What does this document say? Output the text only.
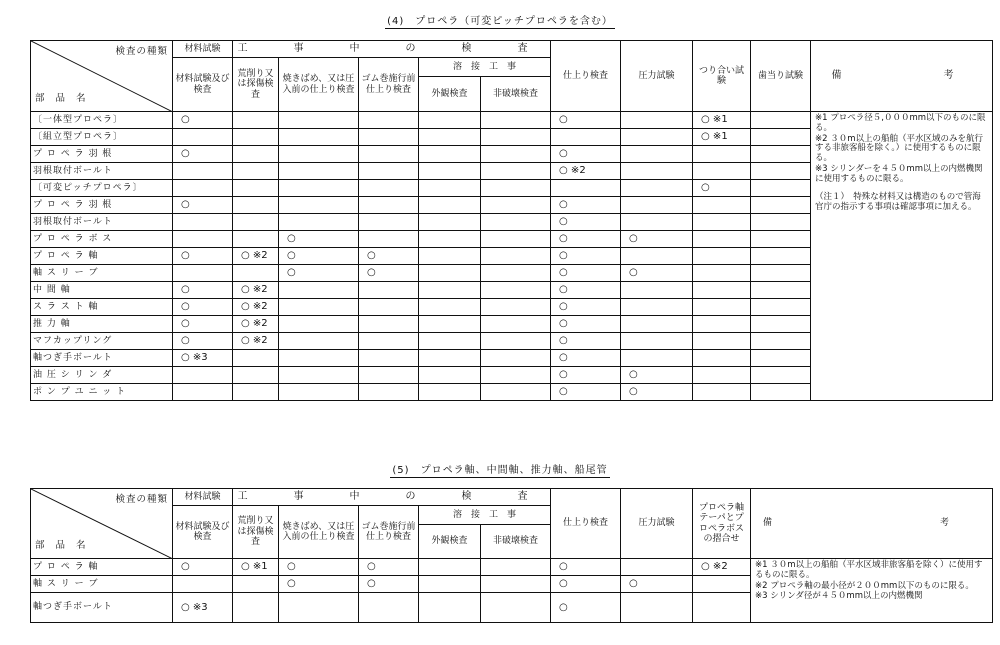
(4)　プロペラ（可変ピッチプロペラを含む）
検査の種類
部 品 名	材料試験	工　事　中　の　検　査					仕上り検査	圧力試験	つり合い試験	歯当り試験	備　　　考
	材料試験及び検査	荒削り又は探傷検査	焼きばめ、又は圧入前の仕上り検査	ゴム巻施行前仕上り検査	溶　接　工　事						
					外観検査	非破壊検査					
〔一体型プロペラ〕	○						○		○ ※1		※1 プロペラ径５,０００mm以下のものに限る。

※2 ３０m以上の船舶（平水区域のみを航行する非旅客船を除く。）に使用するものに限る。

※3 シリンダーを４５０mm以上の内燃機関に使用するものに限る。

（注１）　特殊な材料又は構造のもので管海官庁の指示する事項は確認事項に加える。

〔組立型プロペラ〕									○ ※1		
プ ロ ペ ラ 羽 根	○						○				
羽根取付ボールト							○ ※2				
〔可変ピッチプロペラ〕									○		
プ ロ ペ ラ 羽 根	○						○				
羽根取付ボールト							○				
プ ロ ペ ラ ボ ス			○				○	○			
プ ロ ペ ラ 軸	○	○ ※2	○	○			○				
軸 ス リ ー ブ			○	○			○	○			
中 間 軸	○	○ ※2					○				
ス ラ ス ト 軸	○	○ ※2					○				
推 力 軸	○	○ ※2					○				
マフカップリング	○	○ ※2					○				
軸つぎ手ボールト	○ ※3						○				
油 圧 シ リ ン ダ							○	○			
ポ ン プ ユ ニ ッ ト							○	○			
(5)　プロペラ軸、中間軸、推力軸、船尾管
検査の種類
部 品 名	材料試験	工　事　中　の　検　査					仕上り検査	圧力試験	プロペラ軸テーパとプロペラボスの摺合せ	備 考

	材料試験及び検査	荒削り又は探傷検査	焼きばめ、又は圧入前の仕上り検査	ゴム巻施行前仕上り検査	溶　接　工　事					
					外観検査	非破壊検査				
プ ロ ペ ラ 軸	○	○ ※1	○	○			○		○ ※2	※1 ３０m以上の船舶（平水区域非旅客船を除く）に使用するものに限る。

※2 プロペラ軸の最小径が２００mm以下のものに限る。

※3 シリンダ径が４５０mm以上の内燃機関

軸 ス リ ー ブ			○	○			○	○		
軸つぎ手ボールト	○ ※3						○			
